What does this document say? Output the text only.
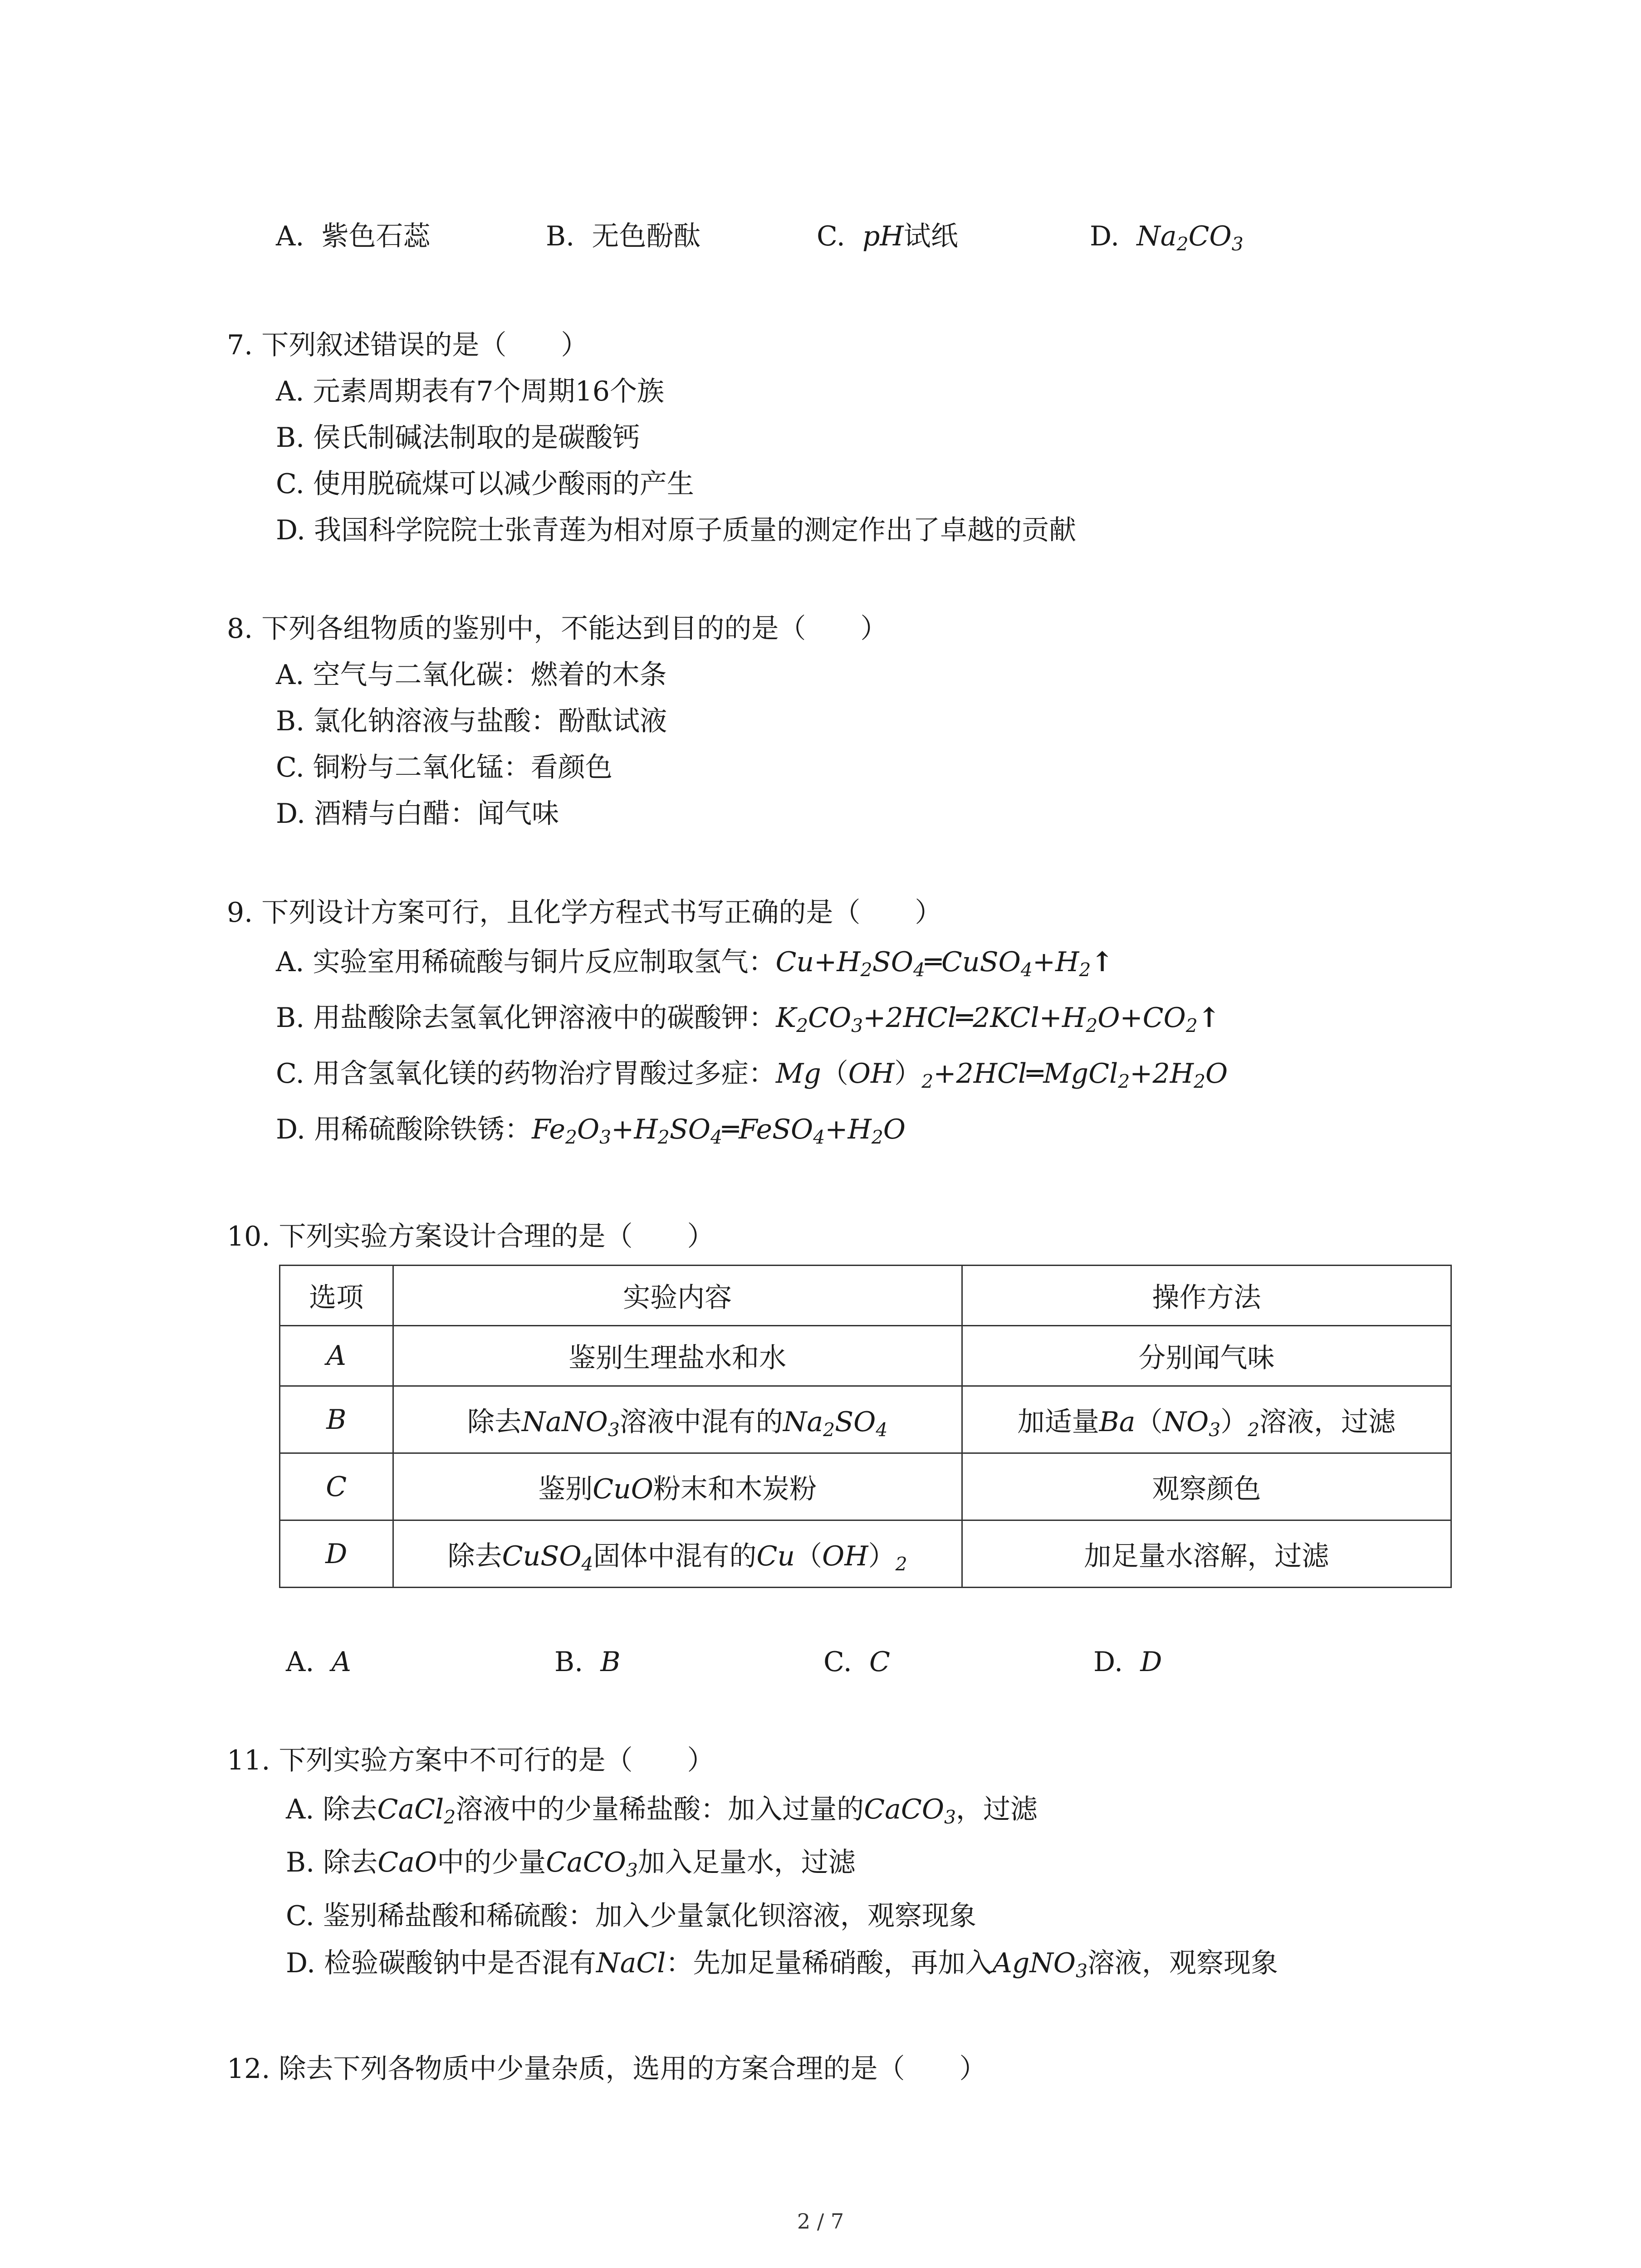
A. 紫色石蕊	B. 无色酚酞	C. pH试纸	D. $Na_2CO_3$
7. 下列叙述错误的是（　　）
A. 元素周期表有7个周期16个族
B. 侯氏制碱法制取的是碳酸钙
C. 使用脱硫煤可以减少酸雨的产生
D. 我国科学院院士张青莲为相对原子质量的测定作出了卓越的贡献
8. 下列各组物质的鉴别中，不能达到目的的是（　　）
A. 空气与二氧化碳：燃着的木条
B. 氯化钠溶液与盐酸：酚酞试液
C. 铜粉与二氧化锰：看颜色
D. 酒精与白醋：闻气味
9. 下列设计方案可行，且化学方程式书写正确的是（　　）
A. 实验室用稀硫酸与铜片反应制取氢气：$Cu+H_2SO_4═CuSO_4+H_2↑$
B. 用盐酸除去氢氧化钾溶液中的碳酸钾：$K_2CO_3+2HCl═2KCl+H_2O+CO_2↑$
C. 用含氢氧化镁的药物治疗胃酸过多症：$Mg(OH)_2+2HCl═MgCl_2+2H_2O$
D. 用稀硫酸除铁锈：$Fe_2O_3+H_2SO_4═FeSO_4+H_2O$
10. 下列实验方案设计合理的是（　　）
选项	实验内容	操作方法
A	鉴别生理盐水和水	分别闻气味
B	除去NaNO$_3$溶液中混有的$Na_2SO_4$	加适量$Ba(NO_3)_2$溶液，过滤
C	鉴别CuO粉末和木炭粉	观察颜色
D	除去CuSO$_4$固体中混有的$Cu(OH)_2$	加足量水溶解，过滤
A. A	B. B	C. C	D. D
11. 下列实验方案中不可行的是（　　）
A. 除去CaCl$_2$溶液中的少量稀盐酸：加入过量的CaCO$_3$，过滤
B. 除去CaO中的少量CaCO$_3$加入足量水，过滤
C. 鉴别稀盐酸和稀硫酸：加入少量氯化钡溶液，观察现象
D. 检验碳酸钠中是否混有NaCl：先加足量稀硝酸，再加入AgNO$_3$溶液，观察现象
12. 除去下列各物质中少量杂质，选用的方案合理的是（　　）
2 / 7
